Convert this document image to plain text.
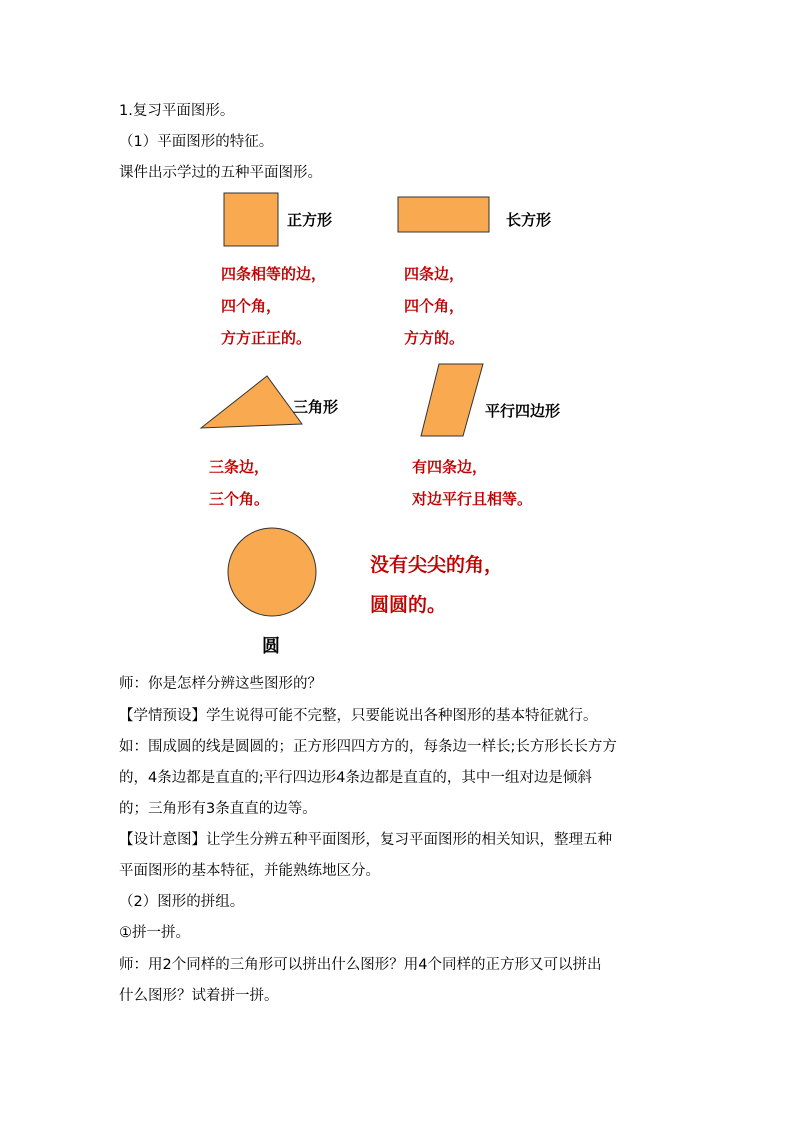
1.复习平面图形。
（1）平面图形的特征。
课件出示学过的五种平面图形。
正方形
四条相等的边，
四个角，
方方正正的。
长方形
四条边，
四个角，
方方的。
三角形
三条边，
三个角。
平行四边形
有四条边，
对边平行且相等。
圆
没有尖尖的角，
圆圆的。
师：你是怎样分辨这些图形的？
【学情预设】学生说得可能不完整，只要能说出各种图形的基本特征就行。
如：围成圆的线是圆圆的；正方形四四方方的，每条边一样长;长方形长长方方
的，4条边都是直直的;平行四边形4条边都是直直的，其中一组对边是倾斜
的；三角形有3条直直的边等。
【设计意图】让学生分辨五种平面图形，复习平面图形的相关知识，整理五种
平面图形的基本特征，并能熟练地区分。
（2）图形的拼组。
①拼一拼。
师：用2个同样的三角形可以拼出什么图形？用4个同样的正方形又可以拼出
什么图形？试着拼一拼。
